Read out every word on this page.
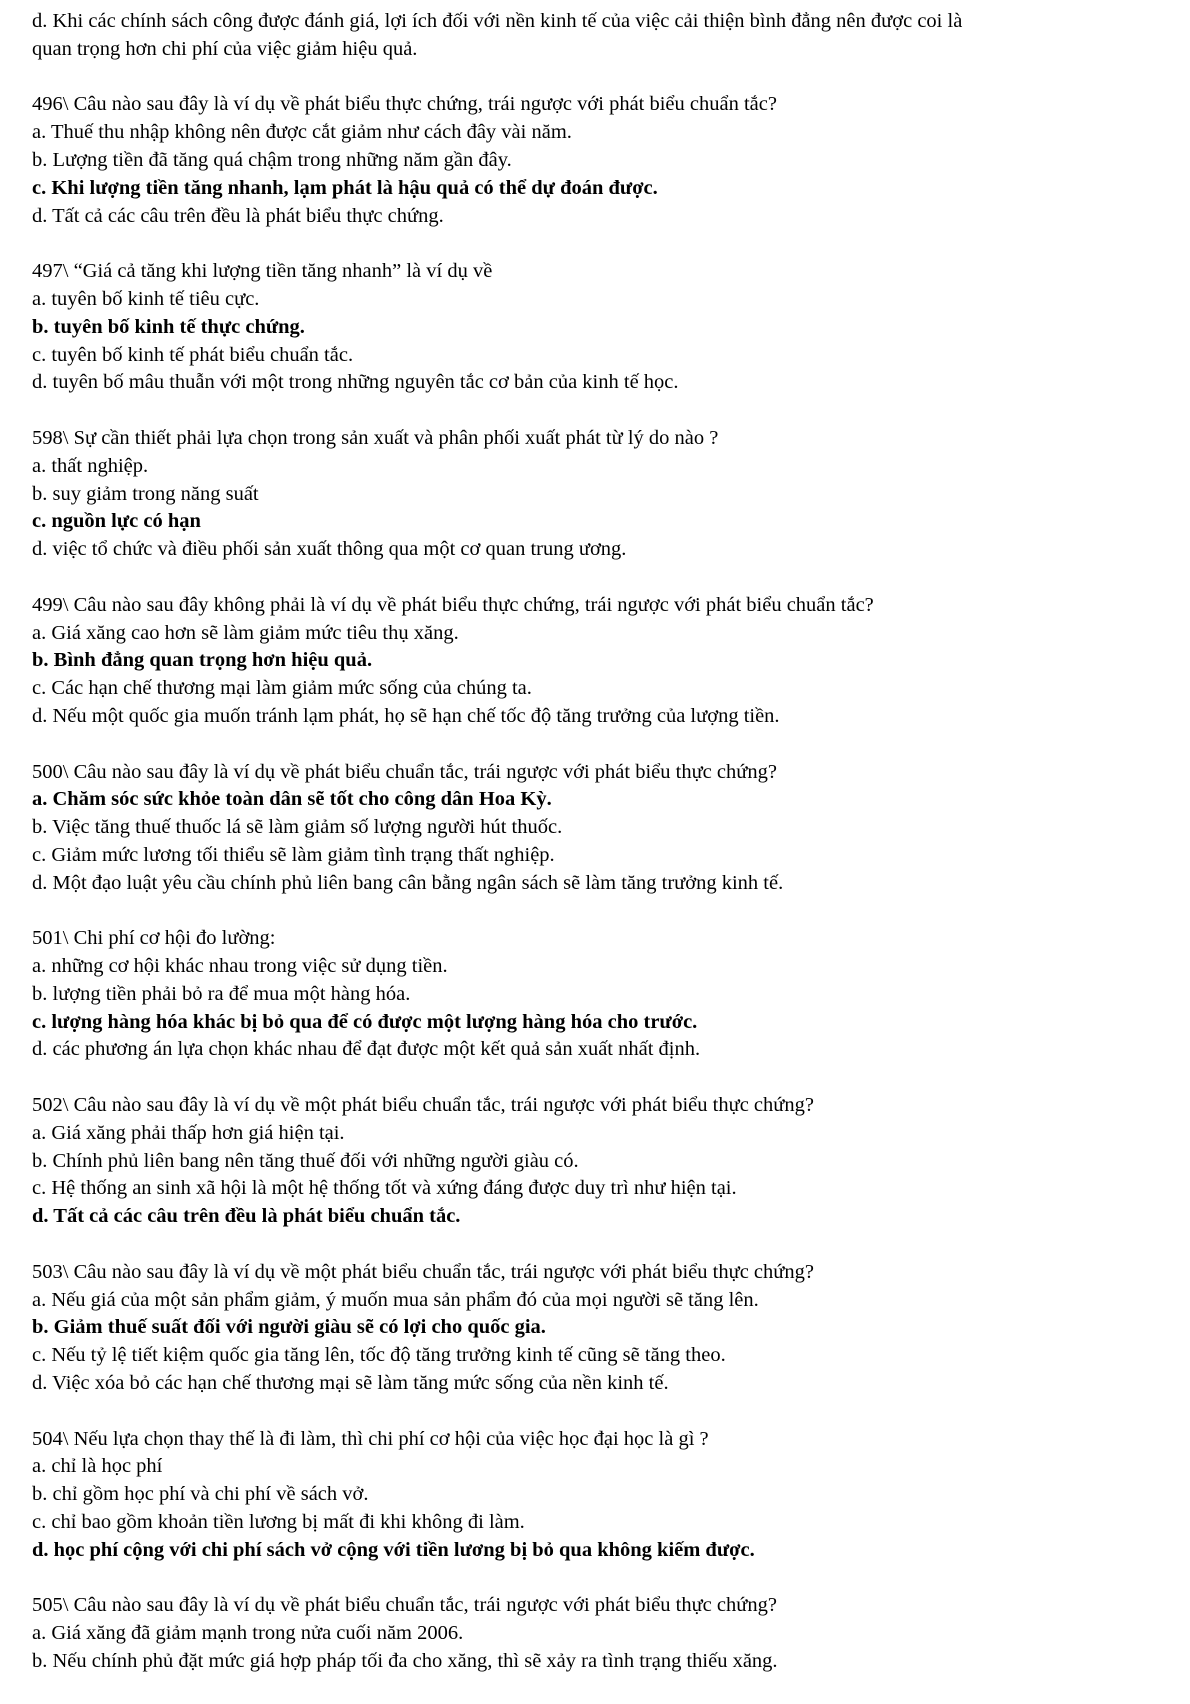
d. Khi các chính sách công được đánh giá, lợi ích đối với nền kinh tế của việc cải thiện bình đẳng nên được coi là

quan trọng hơn chi phí của việc giảm hiệu quả.

496\ Câu nào sau đây là ví dụ về phát biểu thực chứng, trái ngược với phát biểu chuẩn tắc?

a. Thuế thu nhập không nên được cắt giảm như cách đây vài năm.

b. Lượng tiền đã tăng quá chậm trong những năm gần đây.

c. Khi lượng tiền tăng nhanh, lạm phát là hậu quả có thể dự đoán được.

d. Tất cả các câu trên đều là phát biểu thực chứng.

497\ “Giá cả tăng khi lượng tiền tăng nhanh” là ví dụ về

a. tuyên bố kinh tế tiêu cực.

b. tuyên bố kinh tế thực chứng.

c. tuyên bố kinh tế phát biểu chuẩn tắc.

d. tuyên bố mâu thuẫn với một trong những nguyên tắc cơ bản của kinh tế học.

598\ Sự cần thiết phải lựa chọn trong sản xuất và phân phối xuất phát từ lý do nào ?

a. thất nghiệp.

b. suy giảm trong năng suất

c. nguồn lực có hạn

d. việc tổ chức và điều phối sản xuất thông qua một cơ quan trung ương.

499\ Câu nào sau đây không phải là ví dụ về phát biểu thực chứng, trái ngược với phát biểu chuẩn tắc?

a. Giá xăng cao hơn sẽ làm giảm mức tiêu thụ xăng.

b. Bình đẳng quan trọng hơn hiệu quả.

c. Các hạn chế thương mại làm giảm mức sống của chúng ta.

d. Nếu một quốc gia muốn tránh lạm phát, họ sẽ hạn chế tốc độ tăng trưởng của lượng tiền.

500\ Câu nào sau đây là ví dụ về phát biểu chuẩn tắc, trái ngược với phát biểu thực chứng?

a. Chăm sóc sức khỏe toàn dân sẽ tốt cho công dân Hoa Kỳ.

b. Việc tăng thuế thuốc lá sẽ làm giảm số lượng người hút thuốc.

c. Giảm mức lương tối thiểu sẽ làm giảm tình trạng thất nghiệp.

d. Một đạo luật yêu cầu chính phủ liên bang cân bằng ngân sách sẽ làm tăng trưởng kinh tế.

501\ Chi phí cơ hội đo lường:

a. những cơ hội khác nhau trong việc sử dụng tiền.

b. lượng tiền phải bỏ ra để mua một hàng hóa.

c. lượng hàng hóa khác bị bỏ qua để có được một lượng hàng hóa cho trước.

d. các phương án lựa chọn khác nhau để đạt được một kết quả sản xuất nhất định.

502\ Câu nào sau đây là ví dụ về một phát biểu chuẩn tắc, trái ngược với phát biểu thực chứng?

a. Giá xăng phải thấp hơn giá hiện tại.

b. Chính phủ liên bang nên tăng thuế đối với những người giàu có.

c. Hệ thống an sinh xã hội là một hệ thống tốt và xứng đáng được duy trì như hiện tại.

d. Tất cả các câu trên đều là phát biểu chuẩn tắc.

503\ Câu nào sau đây là ví dụ về một phát biểu chuẩn tắc, trái ngược với phát biểu thực chứng?

a. Nếu giá của một sản phẩm giảm, ý muốn mua sản phẩm đó của mọi người sẽ tăng lên.

b. Giảm thuế suất đối với người giàu sẽ có lợi cho quốc gia.

c. Nếu tỷ lệ tiết kiệm quốc gia tăng lên, tốc độ tăng trưởng kinh tế cũng sẽ tăng theo.

d. Việc xóa bỏ các hạn chế thương mại sẽ làm tăng mức sống của nền kinh tế.

504\ Nếu lựa chọn thay thế là đi làm, thì chi phí cơ hội của việc học đại học là gì ?

a. chỉ là học phí

b. chỉ gồm học phí và chi phí về sách vở.

c. chỉ bao gồm khoản tiền lương bị mất đi khi không đi làm.

d. học phí cộng với chi phí sách vở cộng với tiền lương bị bỏ qua không kiếm được.

505\ Câu nào sau đây là ví dụ về phát biểu chuẩn tắc, trái ngược với phát biểu thực chứng?

a. Giá xăng đã giảm mạnh trong nửa cuối năm 2006.

b. Nếu chính phủ đặt mức giá hợp pháp tối đa cho xăng, thì sẽ xảy ra tình trạng thiếu xăng.
